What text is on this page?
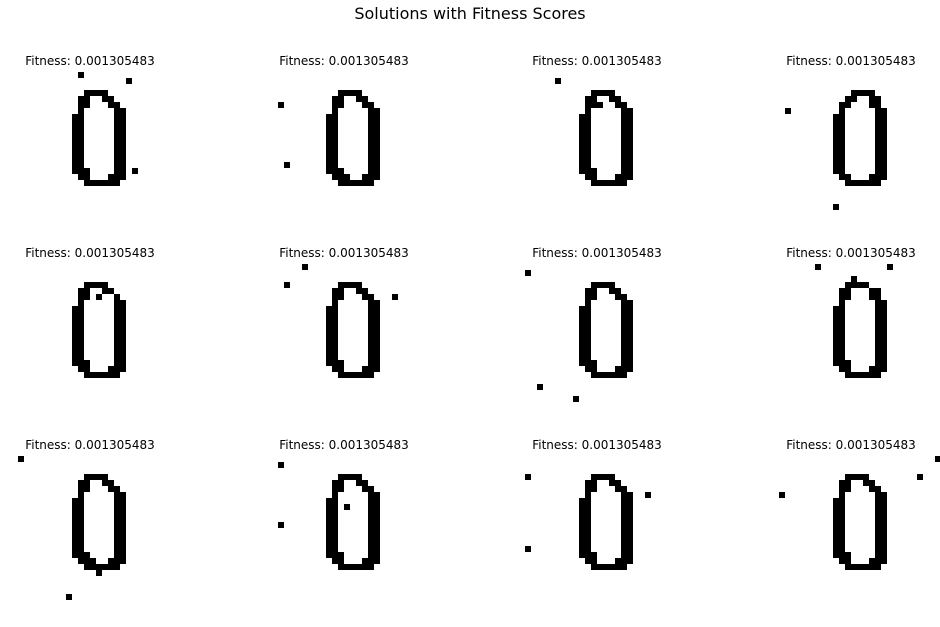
Solutions with Fitness Scores
Fitness: 0.001305483	Fitness: 0.001305483	Fitness: 0.001305483	Fitness: 0.001305483
Fitness: 0.001305483	Fitness: 0.001305483	Fitness: 0.001305483	Fitness: 0.001305483
Fitness: 0.001305483	Fitness: 0.001305483	Fitness: 0.001305483	Fitness: 0.001305483
